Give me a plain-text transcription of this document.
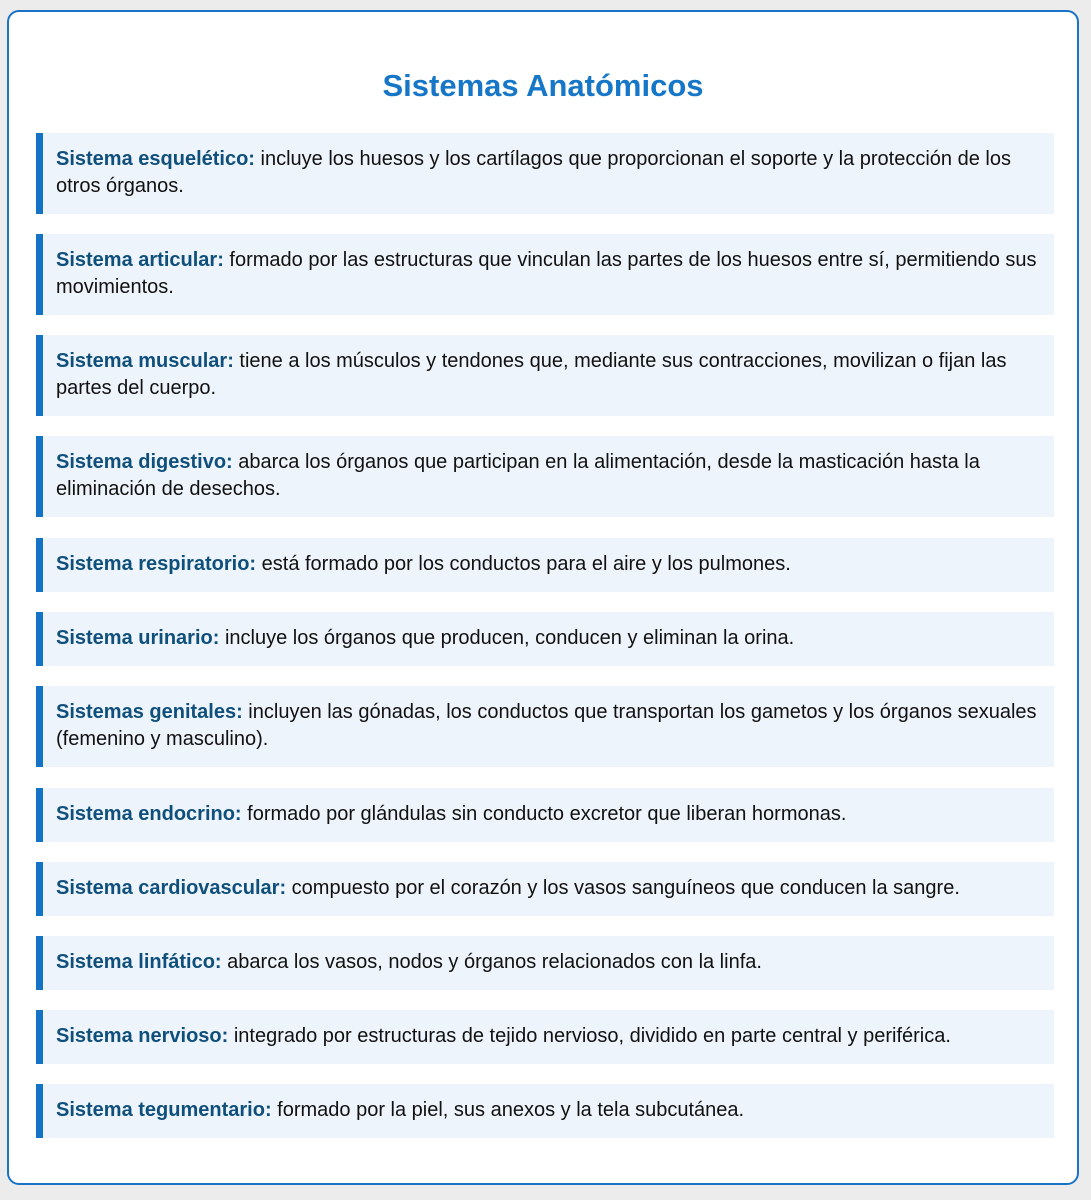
Sistemas Anatómicos
Sistema esquelético: incluye los huesos y los cartílagos que proporcionan el soporte y la protección de los otros órganos.
Sistema articular: formado por las estructuras que vinculan las partes de los huesos entre sí, permitiendo sus movimientos.
Sistema muscular: tiene a los músculos y tendones que, mediante sus contracciones, movilizan o fijan las partes del cuerpo.
Sistema digestivo: abarca los órganos que participan en la alimentación, desde la masticación hasta la eliminación de desechos.
Sistema respiratorio: está formado por los conductos para el aire y los pulmones.
Sistema urinario: incluye los órganos que producen, conducen y eliminan la orina.
Sistemas genitales: incluyen las gónadas, los conductos que transportan los gametos y los órganos sexuales (femenino y masculino).
Sistema endocrino: formado por glándulas sin conducto excretor que liberan hormonas.
Sistema cardiovascular: compuesto por el corazón y los vasos sanguíneos que conducen la sangre.
Sistema linfático: abarca los vasos, nodos y órganos relacionados con la linfa.
Sistema nervioso: integrado por estructuras de tejido nervioso, dividido en parte central y periférica.
Sistema tegumentario: formado por la piel, sus anexos y la tela subcutánea.
